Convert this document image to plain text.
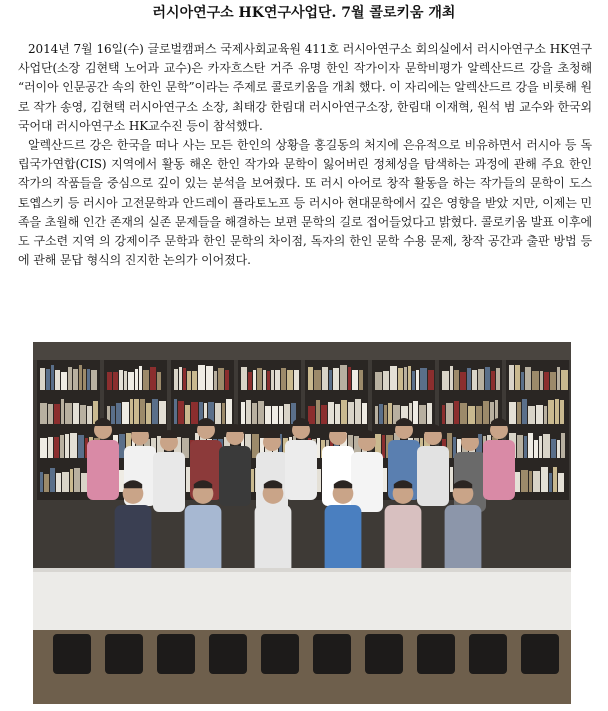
러시아연구소 HK연구사업단. 7월 콜로키움 개최

2014년 7월 16일(수) 글로벌캠퍼스 국제사회교육원 411호 러시아연구소 회의실에서 러시아연구소 HK연구사업단(소장 김현택 노어과 교수)은 카자흐스탄 거주 유명 한인 작가이자 문학비평가 알렉산드르 강을 초청해 “러이아 인문공간 속의 한인 문학”이라는 주제로 콜로키움을 개최 했다. 이 자리에는 알렉산드르 강을 비롯해 원로 작가 송영, 김현택 러시아연구소 소장, 최태강 한림대 러시아연구소장, 한림대 이재혁, 원석 범 교수와 한국외국어대 러시아연구소 HK교수진 등이 참석했다.

알렉산드르 강은 한국을 떠나 사는 모든 한인의 상황을 홍길동의 처지에 은유적으로 비유하면서 러시아 등 독립국가연합(CIS) 지역에서 활동 해온 한인 작가와 문학이 잃어버린 정체성을 탐색하는 과정에 관해 주요 한인 작가의 작품들을 중심으로 깊이 있는 분석을 보여줬다. 또 러시 아어로 창작 활동을 하는 작가들의 문학이 도스토옙스키 등 러시아 고전문학과 안드레이 플라토노프 등 러시아 현대문학에서 깊은 영향을 받았 지만, 이제는 민족을 초월해 인간 존재의 실존 문제들을 해결하는 보편 문학의 길로 접어들었다고 밝혔다. 콜로키움 발표 이후에도 구소련 지역 의 강제이주 문학과 한인 문학의 차이점, 독자의 한인 문학 수용 문제, 창작 공간과 출판 방법 등에 관해 문답 형식의 진지한 논의가 이어졌다.
